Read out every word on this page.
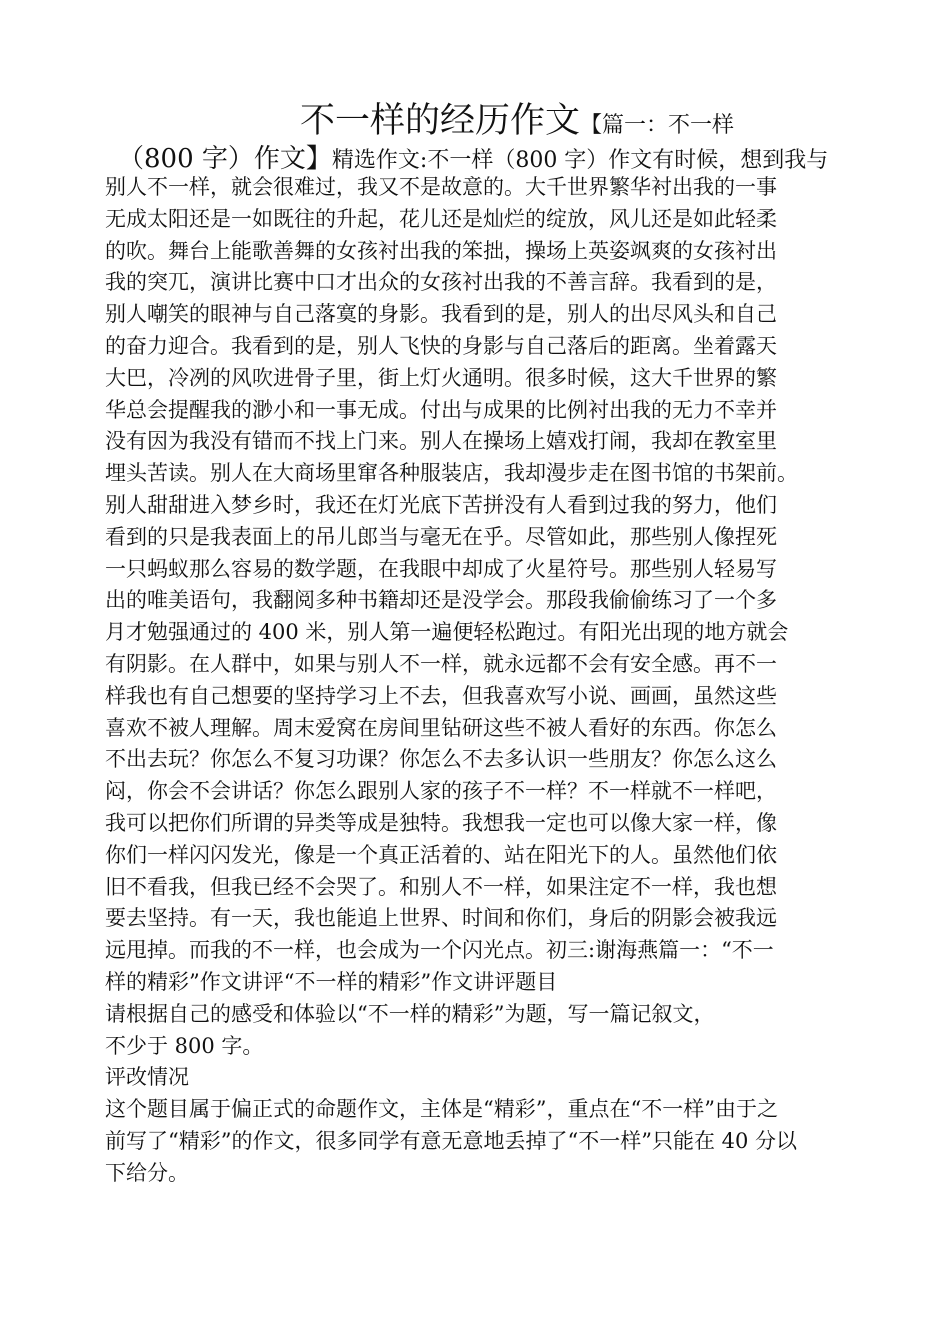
不一样的经历作文【篇一：不一样
（800 字）作文】精选作文:不一样（800 字）作文有时候，想到我与
别人不一样，就会很难过，我又不是故意的。大千世界繁华衬出我的一事
无成太阳还是一如既往的升起，花儿还是灿烂的绽放，风儿还是如此轻柔
的吹。舞台上能歌善舞的女孩衬出我的笨拙，操场上英姿飒爽的女孩衬出
我的突兀，演讲比赛中口才出众的女孩衬出我的不善言辞。我看到的是，
别人嘲笑的眼神与自己落寞的身影。我看到的是，别人的出尽风头和自己
的奋力迎合。我看到的是，别人飞快的身影与自己落后的距离。坐着露天
大巴，冷冽的风吹进骨子里，街上灯火通明。很多时候，这大千世界的繁
华总会提醒我的渺小和一事无成。付出与成果的比例衬出我的无力不幸并
没有因为我没有错而不找上门来。别人在操场上嬉戏打闹，我却在教室里
埋头苦读。别人在大商场里窜各种服装店，我却漫步走在图书馆的书架前。
别人甜甜进入梦乡时，我还在灯光底下苦拼没有人看到过我的努力，他们
看到的只是我表面上的吊儿郎当与毫无在乎。尽管如此，那些别人像捏死
一只蚂蚁那么容易的数学题，在我眼中却成了火星符号。那些别人轻易写
出的唯美语句，我翻阅多种书籍却还是没学会。那段我偷偷练习了一个多
月才勉强通过的 400 米，别人第一遍便轻松跑过。有阳光出现的地方就会
有阴影。在人群中，如果与别人不一样，就永远都不会有安全感。再不一
样我也有自己想要的坚持学习上不去，但我喜欢写小说、画画，虽然这些
喜欢不被人理解。周末爱窝在房间里钻研这些不被人看好的东西。你怎么
不出去玩？你怎么不复习功课？你怎么不去多认识一些朋友？你怎么这么
闷，你会不会讲话？你怎么跟别人家的孩子不一样？不一样就不一样吧，
我可以把你们所谓的异类等成是独特。我想我一定也可以像大家一样，像
你们一样闪闪发光，像是一个真正活着的、站在阳光下的人。虽然他们依
旧不看我，但我已经不会哭了。和别人不一样，如果注定不一样，我也想
要去坚持。有一天，我也能追上世界、时间和你们，身后的阴影会被我远
远甩掉。而我的不一样，也会成为一个闪光点。初三:谢海燕篇一：“不一
样的精彩”作文讲评“不一样的精彩”作文讲评题目
请根据自己的感受和体验以“不一样的精彩”为题，写一篇记叙文，
不少于 800 字。
评改情况
这个题目属于偏正式的命题作文，主体是“精彩”，重点在“不一样”由于之
前写了“精彩”的作文，很多同学有意无意地丢掉了“不一样”只能在 40 分以
下给分。
